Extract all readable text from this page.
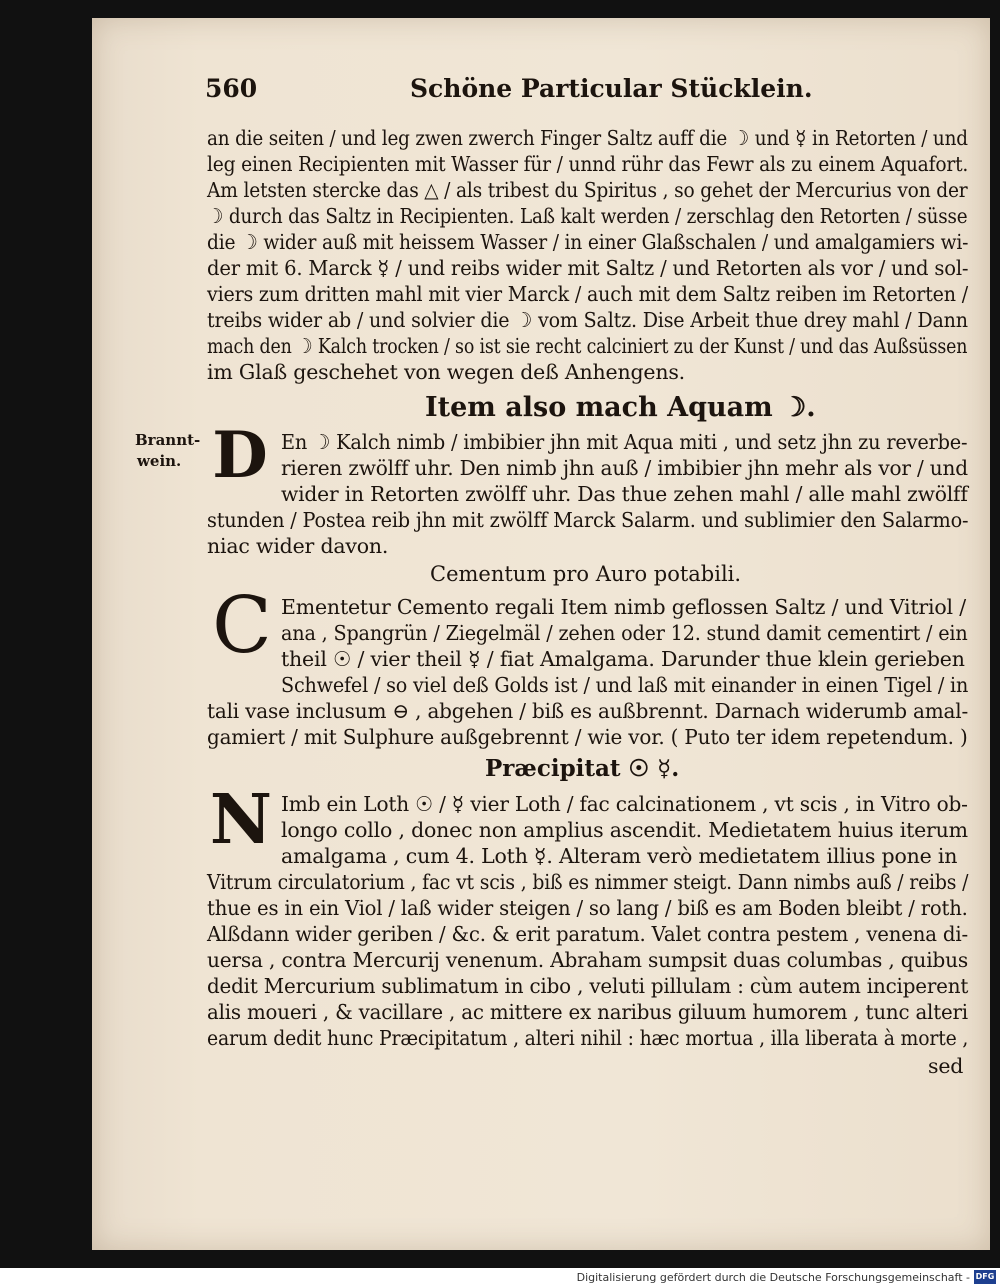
560	Schöne Particular Stücklein.
an die seiten / und leg zwen zwerch Finger Saltz auff die ☽ und ☿ in Retorten / und
leg einen Recipienten mit Wasser für / unnd rühr das Fewr als zu einem Aquafort.
Am letsten stercke das △ / als tribest du Spiritus , so gehet der Mercurius von der
☽ durch das Saltz in Recipienten. Laß kalt werden / zerschlag den Retorten / süsse
die ☽ wider auß mit heissem Wasser / in einer Glaßschalen / und amalgamiers wi-
der mit 6. Marck ☿ / und reibs wider mit Saltz / und Retorten als vor / und sol-
viers zum dritten mahl mit vier Marck / auch mit dem Saltz reiben im Retorten /
treibs wider ab / und solvier die ☽ vom Saltz. Dise Arbeit thue drey mahl / Dann
mach den ☽ Kalch trocken / so ist sie recht calciniert zu der Kunst / und das Außsüssen
im Glaß geschehet von wegen deß Anhengens.
Item also mach Aquam ☽.
Brannt-
wein. D En ☽ Kalch nimb / imbibier jhn mit Aqua miti , und setz jhn zu reverbe-
rieren zwölff uhr. Den nimb jhn auß / imbibier jhn mehr als vor / und
wider in Retorten zwölff uhr. Das thue zehen mahl / alle mahl zwölff
stunden / Postea reib jhn mit zwölff Marck Salarm. und sublimier den Salarmo-
niac wider davon.
Cementum pro Auro potabili.
C Ementetur Cemento regali Item nimb geflossen Saltz / und Vitriol /
ana , Spangrün / Ziegelmäl / zehen oder 12. stund damit cementirt / ein
theil ☉ / vier theil ☿ / fiat Amalgama. Darunder thue klein gerieben
Schwefel / so viel deß Golds ist / und laß mit einander in einen Tigel / in
tali vase inclusum ⊖ , abgehen / biß es außbrennt. Darnach widerumb amal-
gamiert / mit Sulphure außgebrennt / wie vor. ( Puto ter idem repetendum. )
Præcipitat ☉ ☿.
N Imb ein Loth ☉ / ☿ vier Loth / fac calcinationem , vt scis , in Vitro ob-
longo collo , donec non amplius ascendit. Medietatem huius iterum
amalgama , cum 4. Loth ☿. Alteram verò medietatem illius pone in
Vitrum circulatorium , fac vt scis , biß es nimmer steigt. Dann nimbs auß / reibs /
thue es in ein Viol / laß wider steigen / so lang / biß es am Boden bleibt / roth.
Alßdann wider geriben / &c. & erit paratum. Valet contra pestem , venena di-
uersa , contra Mercurij venenum. Abraham sumpsit duas columbas , quibus
dedit Mercurium sublimatum in cibo , veluti pillulam : cùm autem inciperent
alis moueri , & vacillare , ac mittere ex naribus giluum humorem , tunc alteri
earum dedit hunc Præcipitatum , alteri nihil : hæc mortua , illa liberata à morte ,
sed
Digitalisierung gefördert durch die Deutsche Forschungsgemeinschaft - DFG
